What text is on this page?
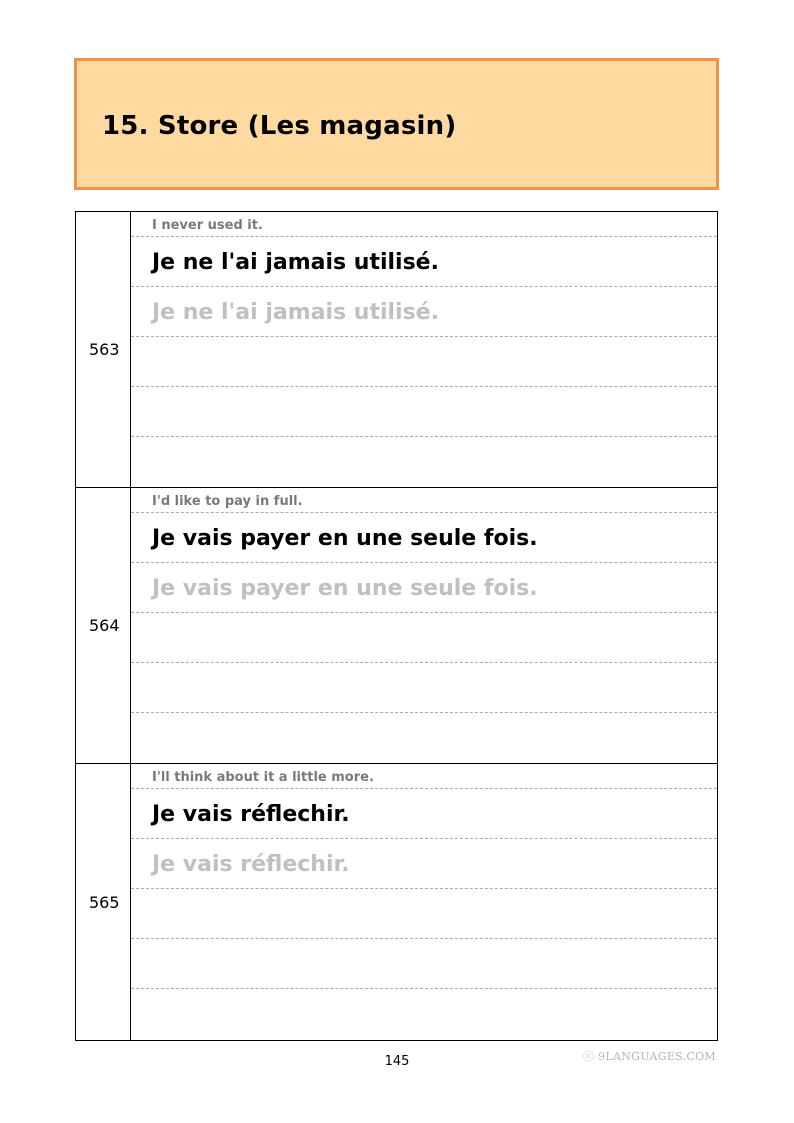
15. Store (Les magasin)
563
I never used it.
Je ne l'ai jamais utilisé.
Je ne l'ai jamais utilisé.
564
I'd like to pay in full.
Je vais payer en une seule fois.
Je vais payer en une seule fois.
565
I'll think about it a little more.
Je vais réflechir.
Je vais réflechir.
145	ⓒ 9LANGUAGES.COM
